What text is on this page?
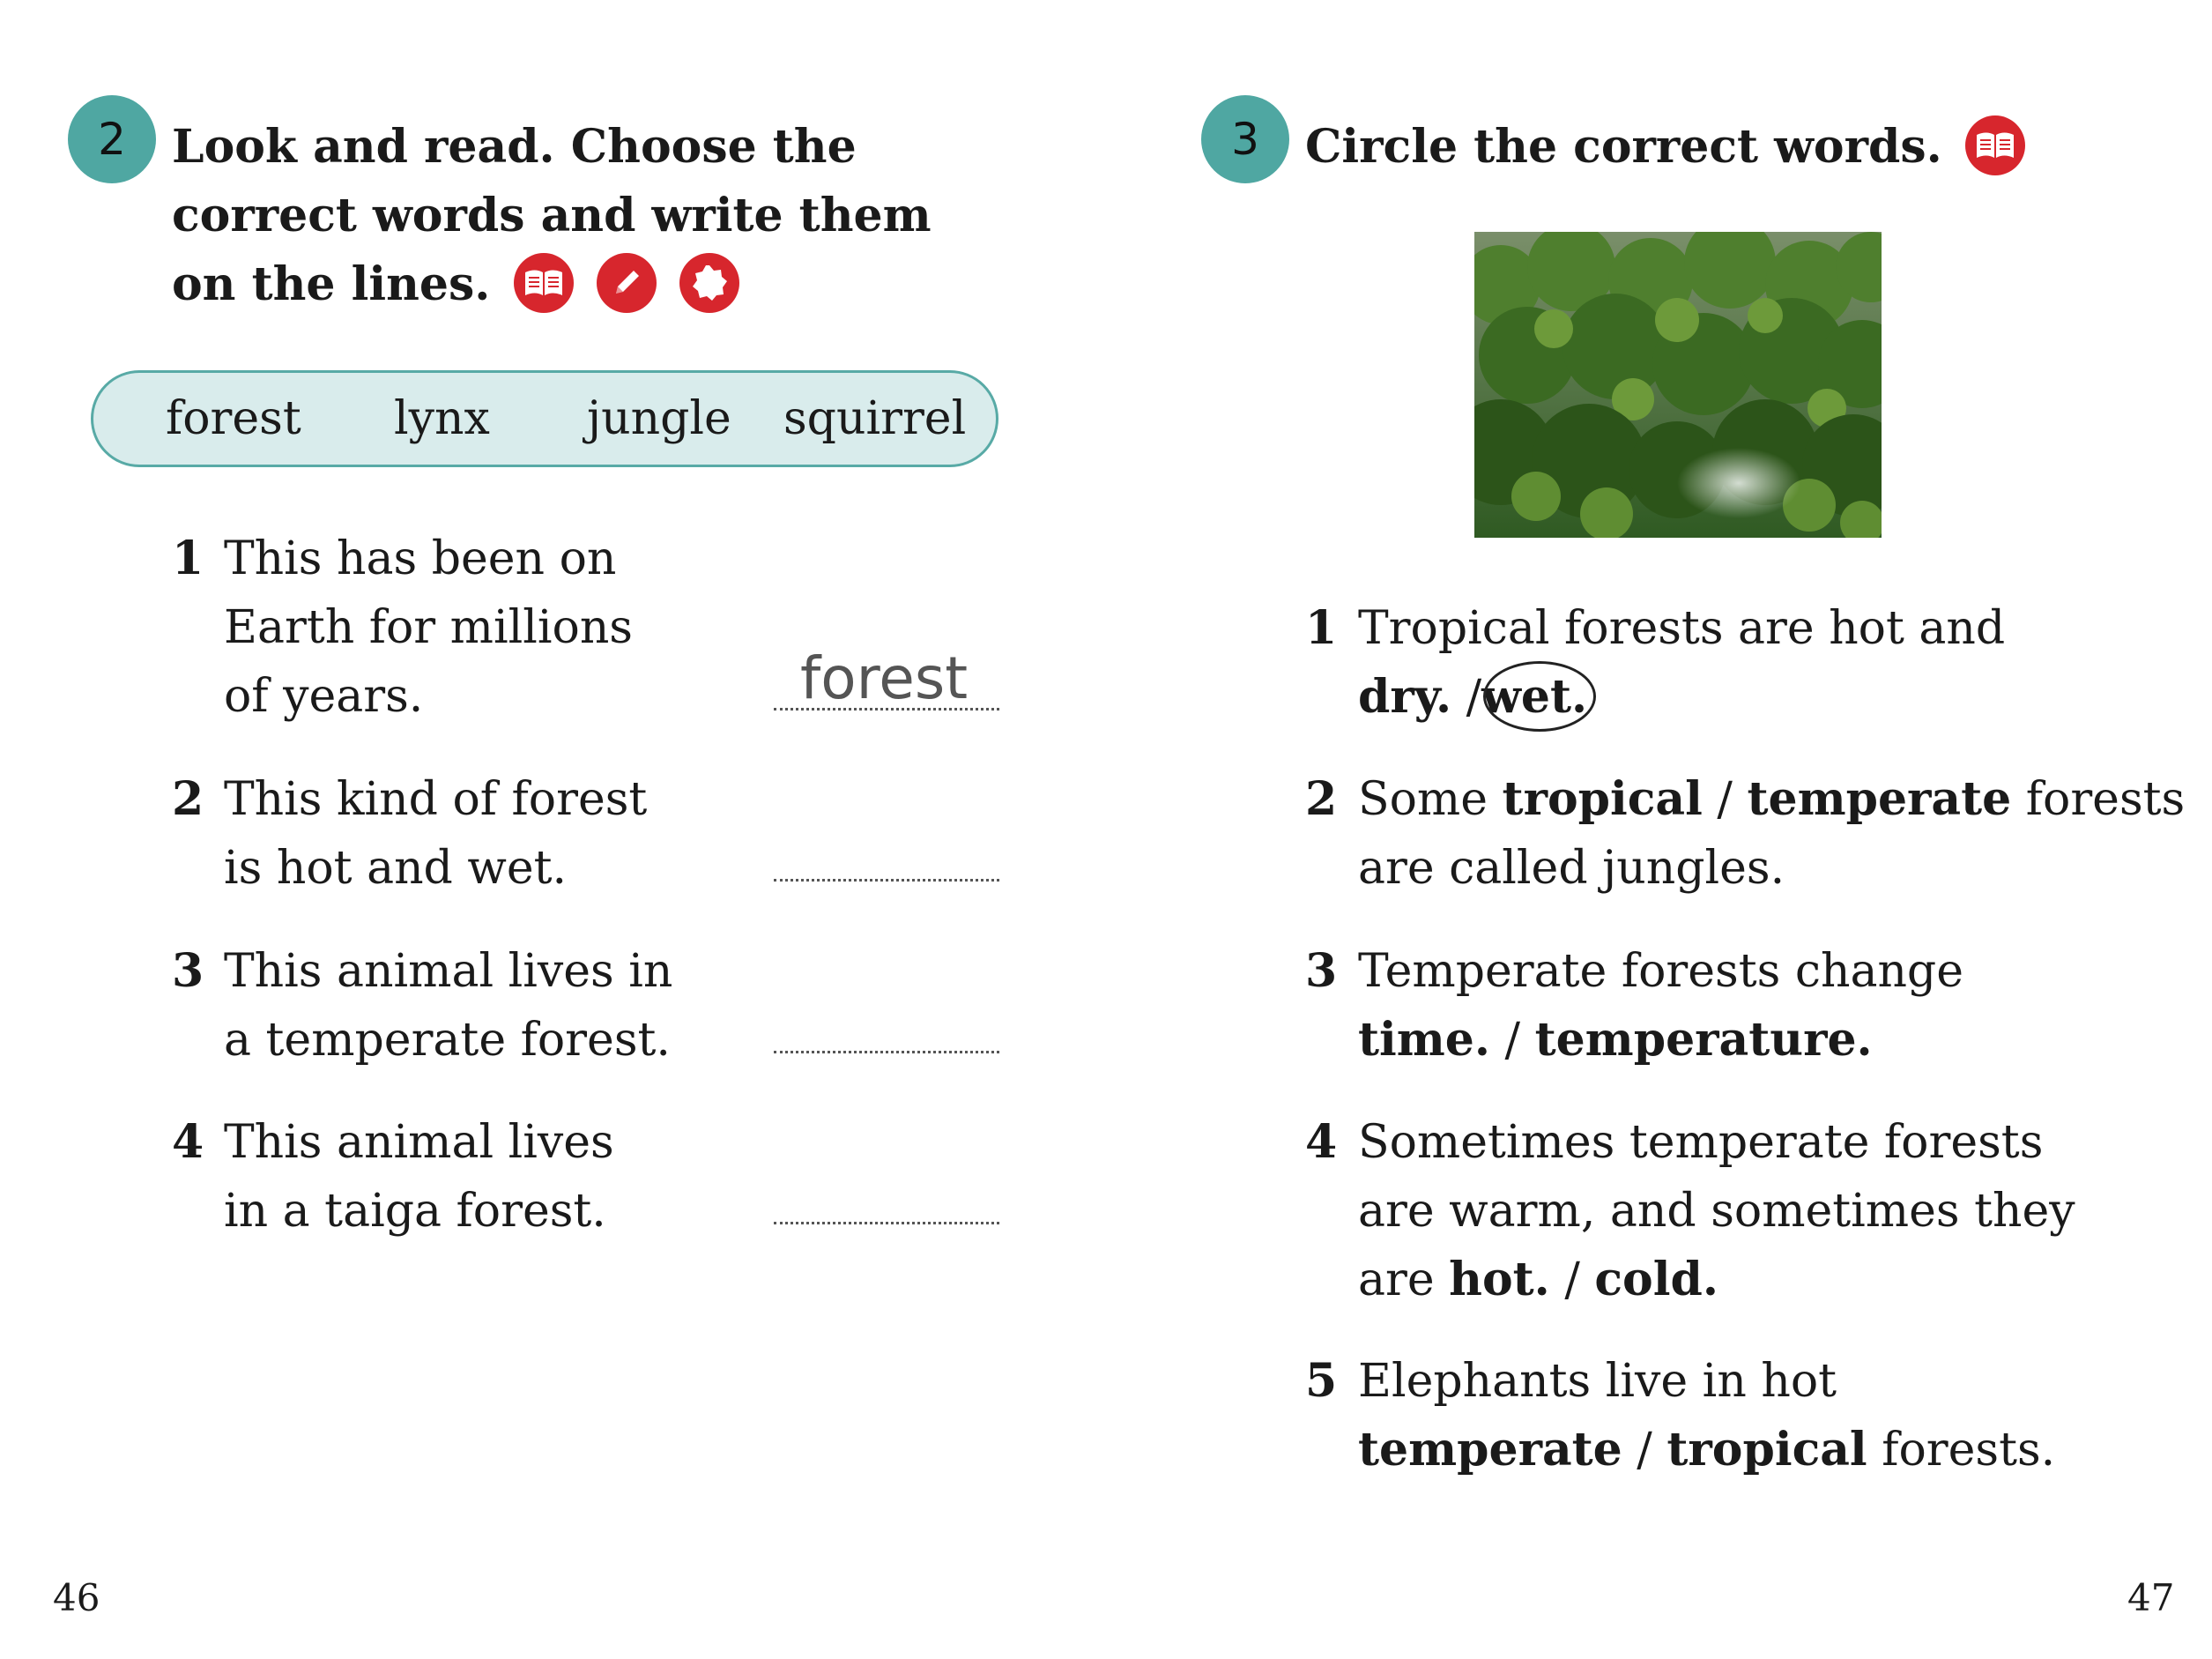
2 Look and read. Choose the
correct words and write them
on the lines.

forest lynx jungle squirrel
1 This has been on
Earth for millions
of years.	forest
2 This kind of forest
is hot and wet.
3 This animal lives in
a temperate forest.
4 This animal lives
in a taiga forest.
46
3 Circle the correct words.
1 Tropical forests are hot and
dry. /wet.
2 Some tropical / temperate forests
are called jungles.
3 Temperate forests change
time. / temperature.
4 Sometimes temperate forests
are warm, and sometimes they
are hot. / cold.
5 Elephants live in hot
temperate / tropical forests.
47
